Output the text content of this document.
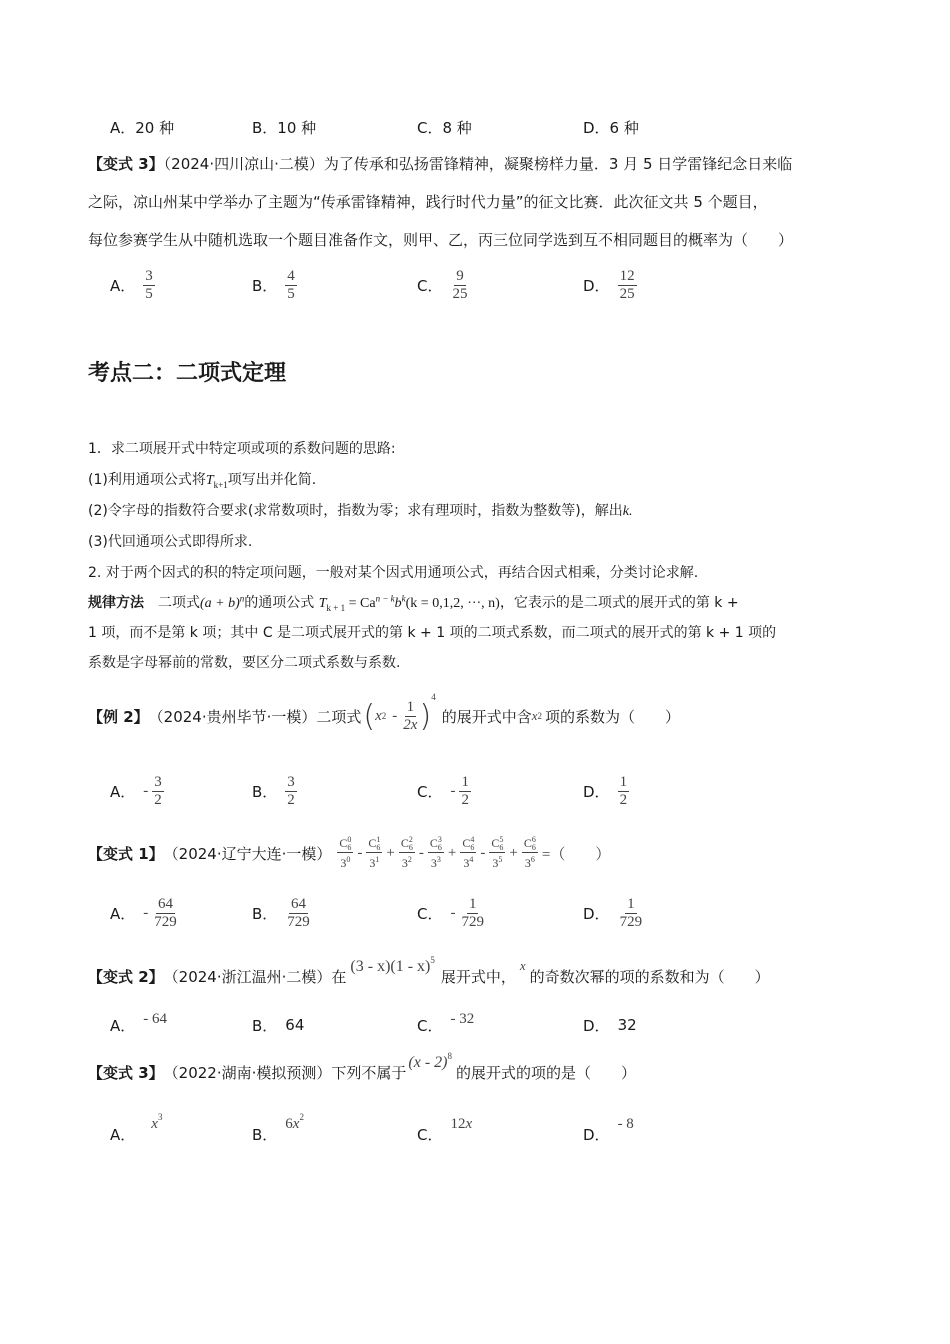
A．20 种	B．10 种	C．8 种	D．6 种
【变式 3】（2024·四川凉山·二模）为了传承和弘扬雷锋精神，凝聚榜样力量．3 月 5 日学雷锋纪念日来临
之际，凉山州某中学举办了主题为“传承雷锋精神，践行时代力量”的征文比赛．此次征文共 5 个题目，
每位参赛学生从中随机选取一个题目准备作文，则甲、乙，丙三位同学选到互不相同题目的概率为（　　）
A． $\frac{3}{5}$	B． $\frac{4}{5}$	C． $\frac{9}{25}$	D． $\frac{12}{25}$
考点二：二项式定理
1．求二项展开式中特定项或项的系数问题的思路:
(1)利用通项公式将$T_{k+1}$项写出并化简.
(2)令字母的指数符合要求(求常数项时，指数为零；求有理项时，指数为整数等)，解出k.
(3)代回通项公式即得所求.
2. 对于两个因式的积的特定项问题，一般对某个因式用通项公式，再结合因式相乘，分类讨论求解.
规律方法　 二项式$(a + b)^n$的通项公式 $T_{k + 1} = Ca^{n - k}b^k(k = 0,1,2$, ···, n)，它表示的是二项式的展开式的第 k +
1 项，而不是第 k 项；其中 C 是二项式展开式的第 k + 1 项的二项式系数，而二项式的展开式的第 k + 1 项的
系数是字母幂前的常数，要区分二项式系数与系数.
【例 2】 （2024·贵州毕节·一模） 二项式 ( x $2 - \frac{1}{2x}$ )
$^4$
的展开式中含 x 2 项的系数为（　　）
A． - $\frac{3}{2}$	B． $\frac{3}{2}$	C． - $\frac{1}{2}$	D． $\frac{1}{2}$
【变式 1】 （2024·辽宁大连·一模） C 0
6
$3^0$ - C 1
6
$3^1 + C$ 2
6
$3^2$ - C 3
6
$3^3 + C$ 4
6
$3^4$ - C 5
6
$3^5 + C$ 6
6
$3^6$ =（　　）
A． - $\frac{64}{729}$	B． $\frac{64}{729}$	C． - $\frac{1}{729}$	D． $\frac{1}{729}$
【变式 2】 （2024·浙江温州·二模） 在
(3 - x)(1 - x)$^5$
展开式中，
x
的奇数次幂的项的系数和为（　　）
A． - 64	B． 64	C． - 32	D． 32
【变式 3】 （2022·湖南·模拟预测） 下列不属于
(x - 2)$^8$
的展开式的项的是（　　）
A．
$x^3$
B．
6 $x^2$
C．
12 x
D．
- 8
